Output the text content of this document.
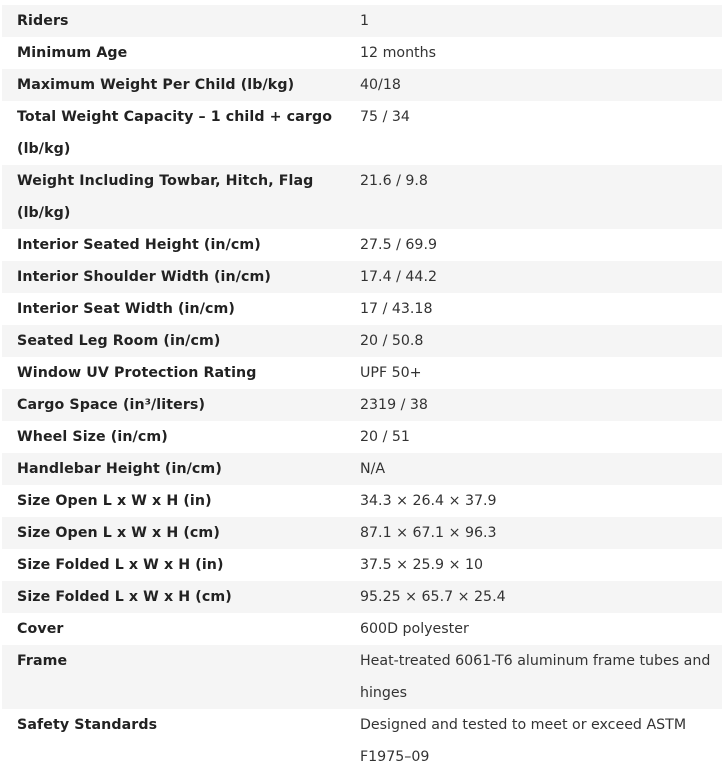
Riders	1
Minimum Age	12 months
Maximum Weight Per Child (lb/kg)	40/18
Total Weight Capacity – 1 child + cargo (lb/kg)	75 / 34
Weight Including Towbar, Hitch, Flag (lb/kg)	21.6 / 9.8
Interior Seated Height (in/cm)	27.5 / 69.9
Interior Shoulder Width (in/cm)	17.4 / 44.2
Interior Seat Width (in/cm)	17 / 43.18
Seated Leg Room (in/cm)	20 / 50.8
Window UV Protection Rating	UPF 50+
Cargo Space (in³/liters)	2319 / 38
Wheel Size (in/cm)	20 / 51
Handlebar Height (in/cm)	N/A
Size Open L x W x H (in)	34.3 × 26.4 × 37.9
Size Open L x W x H (cm)	87.1 × 67.1 × 96.3
Size Folded L x W x H (in)	37.5 × 25.9 × 10
Size Folded L x W x H (cm)	95.25 × 65.7 × 25.4
Cover	600D polyester
Frame	Heat-treated 6061-T6 aluminum frame tubes and hinges
Safety Standards	Designed and tested to meet or exceed ASTM F1975–09
